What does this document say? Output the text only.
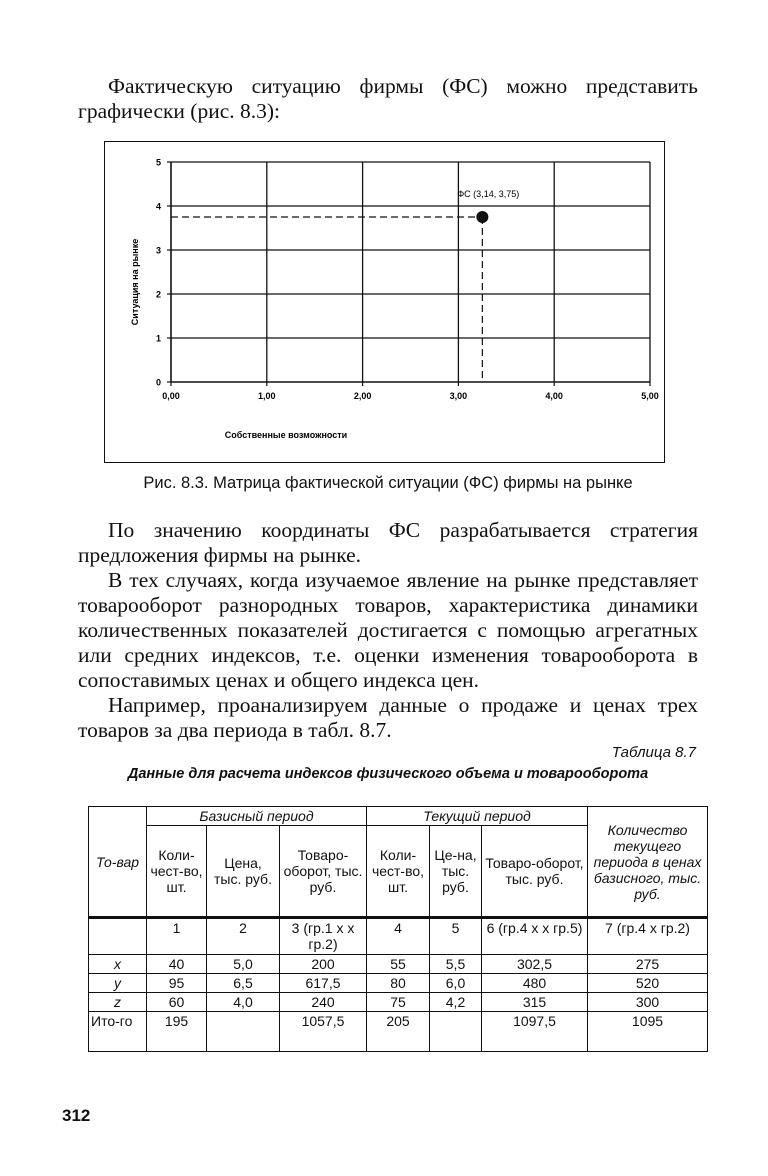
Фактическую ситуацию фирмы (ФС) можно представить графически (рис. 8.3):

0
1
2
3
4
5
0,00	1,00	2,00	3,00	4,00	5,00
Собственные возможности
Ситуация на рынке
ФС (3,14, 3,75)
Рис. 8.3. Матрица фактической ситуации (ФС) фирмы на рынке

По значению координаты ФС разрабатывается стратегия предложения фирмы на рынке.

В тех случаях, когда изучаемое явление на рынке представляет товарооборот разнородных товаров, характеристика динамики количественных показателей достигается с помощью агрегатных или средних индексов, т.е. оценки изменения товарооборота в сопоставимых ценах и общего индекса цен.

Например, проанализируем данные о продаже и ценах трех товаров за два периода в табл. 8.7.

Таблица 8.7
Данные для расчета индексов физического объема и товарооборота
То-вар	Базисный период			Текущий период			Количество текущего периода в ценах базисного, тыс. руб.
	Коли-чест-во, шт.	Цена, тыс. руб.	Товаро-оборот, тыс. руб.	Коли-чест-во, шт.	Це-на, тыс. руб.	Товаро-оборот, тыс. руб.	
	1	2	3 (гр.1 х х гр.2)	4	5	6 (гр.4 х х гр.5)	7 (гр.4 х гр.2)
x	40	5,0	200	55	5,5	302,5	275
y	95	6,5	617,5	80	6,0	480	520
z	60	4,0	240	75	4,2	315	300
Ито-го	195		1057,5	205		1097,5	1095
312
